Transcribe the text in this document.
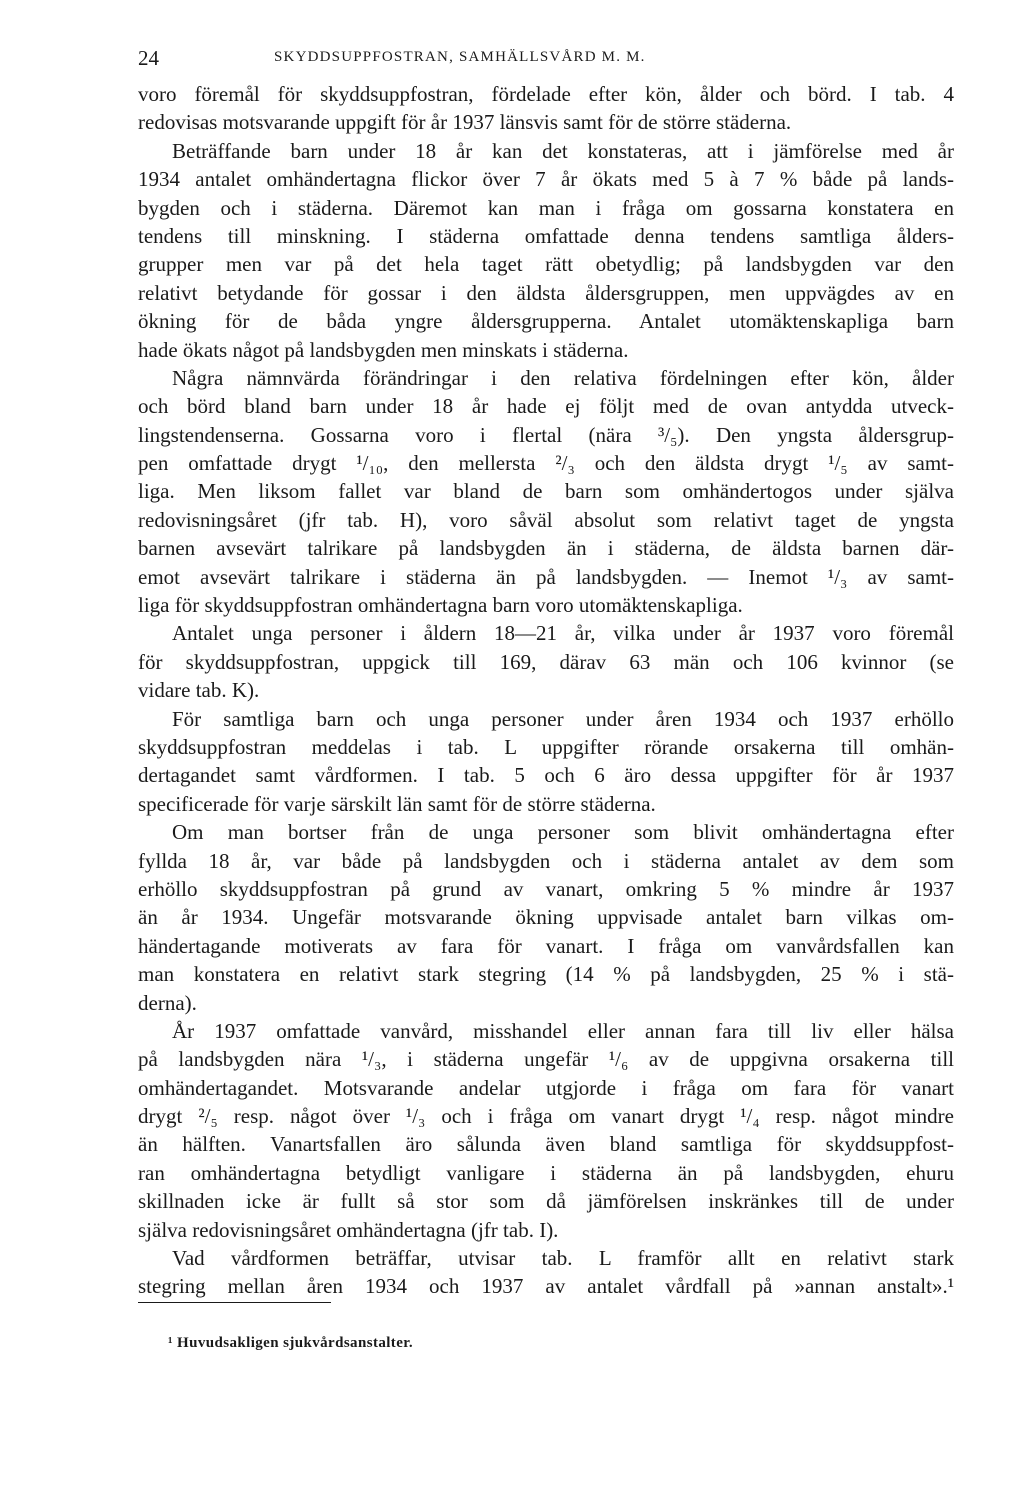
24	SKYDDSUPPFOSTRAN, SAMHÄLLSVÅRD M. M.
voro föremål för skyddsuppfostran, fördelade efter kön, ålder och börd. I tab. 4
redovisas motsvarande uppgift för år 1937 länsvis samt för de större städerna.
Beträffande barn under 18 år kan det konstateras, att i jämförelse med år
1934 antalet omhändertagna flickor över 7 år ökats med 5 à 7 % både på lands-
bygden och i städerna. Däremot kan man i fråga om gossarna konstatera en
tendens till minskning. I städerna omfattade denna tendens samtliga ålders-
grupper men var på det hela taget rätt obetydlig; på landsbygden var den
relativt betydande för gossar i den äldsta åldersgruppen, men uppvägdes av en
ökning för de båda yngre åldersgrupperna. Antalet utomäktenskapliga barn
hade ökats något på landsbygden men minskats i städerna.
Några nämnvärda förändringar i den relativa fördelningen efter kön, ålder
och börd bland barn under 18 år hade ej följt med de ovan antydda utveck-
lingstendenserna. Gossarna voro i flertal (nära ³/₅). Den yngsta åldersgrup-
pen omfattade drygt ¹/₁₀, den mellersta ²/₃ och den äldsta drygt ¹/₅ av samt-
liga. Men liksom fallet var bland de barn som omhändertogos under själva
redovisningsåret (jfr tab. H), voro såväl absolut som relativt taget de yngsta
barnen avsevärt talrikare på landsbygden än i städerna, de äldsta barnen där-
emot avsevärt talrikare i städerna än på landsbygden. — Inemot ¹/₃ av samt-
liga för skyddsuppfostran omhändertagna barn voro utomäktenskapliga.
Antalet unga personer i åldern 18—21 år, vilka under år 1937 voro föremål
för skyddsuppfostran, uppgick till 169, därav 63 män och 106 kvinnor (se
vidare tab. K).
För samtliga barn och unga personer under åren 1934 och 1937 erhöllo
skyddsuppfostran meddelas i tab. L uppgifter rörande orsakerna till omhän-
dertagandet samt vårdformen. I tab. 5 och 6 äro dessa uppgifter för år 1937
specificerade för varje särskilt län samt för de större städerna.
Om man bortser från de unga personer som blivit omhändertagna efter
fyllda 18 år, var både på landsbygden och i städerna antalet av dem som
erhöllo skyddsuppfostran på grund av vanart, omkring 5 % mindre år 1937
än år 1934. Ungefär motsvarande ökning uppvisade antalet barn vilkas om-
händertagande motiverats av fara för vanart. I fråga om vanvårdsfallen kan
man konstatera en relativt stark stegring (14 % på landsbygden, 25 % i stä-
derna).
År 1937 omfattade vanvård, misshandel eller annan fara till liv eller hälsa
på landsbygden nära ¹/₃, i städerna ungefär ¹/₆ av de uppgivna orsakerna till
omhändertagandet. Motsvarande andelar utgjorde i fråga om fara för vanart
drygt ²/₅ resp. något över ¹/₃ och i fråga om vanart drygt ¹/₄ resp. något mindre
än hälften. Vanartsfallen äro sålunda även bland samtliga för skyddsuppfost-
ran omhändertagna betydligt vanligare i städerna än på landsbygden, ehuru
skillnaden icke är fullt så stor som då jämförelsen inskränkes till de under
själva redovisningsåret omhändertagna (jfr tab. I).
Vad vårdformen beträffar, utvisar tab. L framför allt en relativt stark
stegring mellan åren 1934 och 1937 av antalet vårdfall på »annan anstalt».¹
¹ Huvudsakligen sjukvårdsanstalter.
